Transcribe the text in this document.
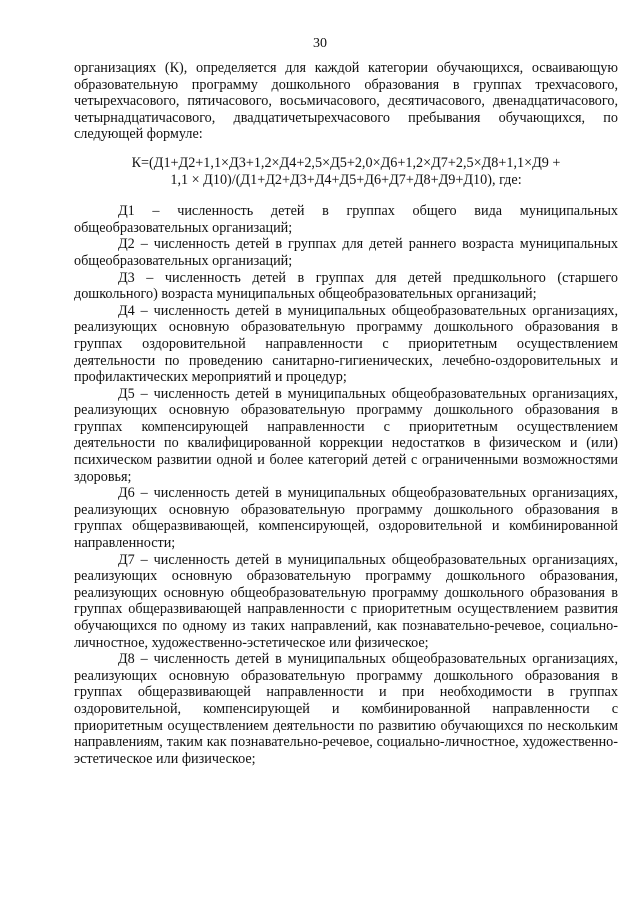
30

организациях (К), определяется для каждой категории обучающихся, осваивающую образовательную программу дошкольного образования в группах трехчасового, четырехчасового, пятичасового, восьмичасового, десятичасового, двенадцатичасового, четырнадцатичасового, двадцатичетырехчасового пребывания обучающихся, по следующей формуле:

К=(Д1+Д2+1,1×Д3+1,2×Д4+2,5×Д5+2,0×Д6+1,2×Д7+2,5×Д8+1,1×Д9 +
1,1 × Д10)/(Д1+Д2+Д3+Д4+Д5+Д6+Д7+Д8+Д9+Д10), где:

Д1 – численность детей в группах общего вида муниципальных общеобразовательных организаций;

Д2 – численность детей в группах для детей раннего возраста муниципальных общеобразовательных организаций;

Д3 – численность детей в группах для детей предшкольного (старшего дошкольного) возраста муниципальных общеобразовательных организаций;

Д4 – численность детей в муниципальных общеобразовательных организациях, реализующих основную образовательную программу дошкольного образования в группах оздоровительной направленности с приоритетным осуществлением деятельности по проведению санитарно-гигиенических, лечебно-оздоровительных и профилактических мероприятий и процедур;

Д5 – численность детей в муниципальных общеобразовательных организациях, реализующих основную образовательную программу дошкольного образования в группах компенсирующей направленности с приоритетным осуществлением деятельности по квалифицированной коррекции недостатков в физическом и (или) психическом развитии одной и более категорий детей с ограниченными возможностями здоровья;

Д6 – численность детей в муниципальных общеобразовательных организациях, реализующих основную образовательную программу дошкольного образования в группах общеразвивающей, компенсирующей, оздоровительной и комбинированной направленности;

Д7 – численность детей в муниципальных общеобразовательных организациях, реализующих основную образовательную программу дошкольного образования, реализующих основную общеобразовательную программу дошкольного образования в группах общеразвивающей направленности с приоритетным осуществлением развития обучающихся по одному из таких направлений, как познавательно-речевое, социально-личностное, художественно-эстетическое или физическое;

Д8 – численность детей в муниципальных общеобразовательных организациях, реализующих основную образовательную программу дошкольного образования в группах общеразвивающей направленности и при необходимости в группах оздоровительной, компенсирующей и комбинированной направленности с приоритетным осуществлением деятельности по развитию обучающихся по нескольким направлениям, таким как познавательно-речевое, социально-личностное, художественно-эстетическое или физическое;
